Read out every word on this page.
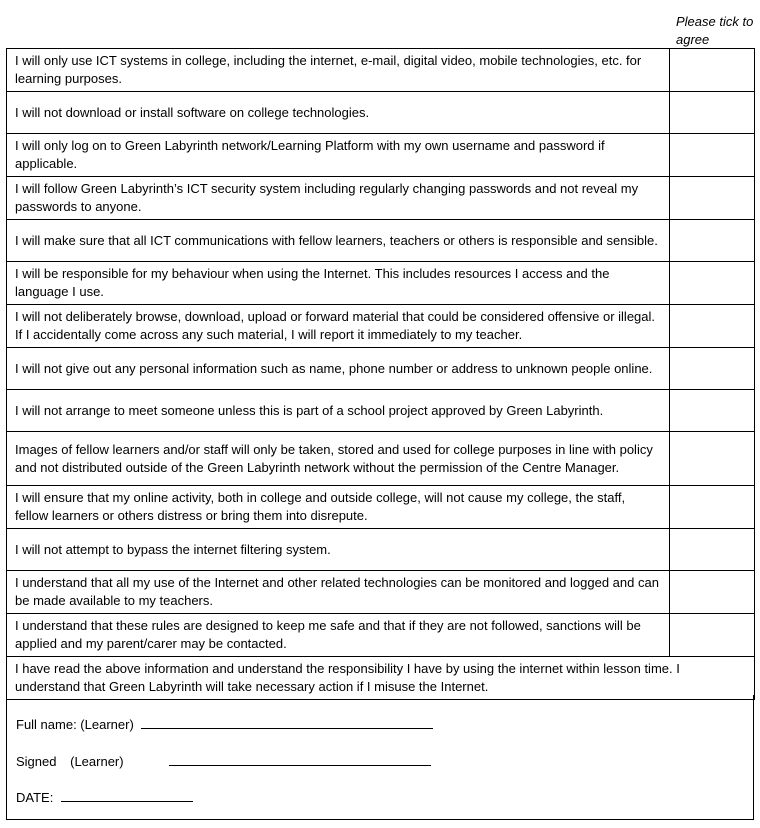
Please tick to agree
I will only use ICT systems in college, including the internet, e-mail, digital video, mobile technologies, etc. for learning purposes.	
I will not download or install software on college technologies.	
I will only log on to Green Labyrinth network/Learning Platform with my own username and password if applicable.	
I will follow Green Labyrinth’s ICT security system including regularly changing passwords and not reveal my passwords to anyone.	
I will make sure that all ICT communications with fellow learners, teachers or others is responsible and sensible.	
I will be responsible for my behaviour when using the Internet. This includes resources I access and the language I use.	
I will not deliberately browse, download, upload or forward material that could be considered offensive or illegal. If I accidentally come across any such material, I will report it immediately to my teacher.	
I will not give out any personal information such as name, phone number or address to unknown people online.	
I will not arrange to meet someone unless this is part of a school project approved by Green Labyrinth.	
Images of fellow learners and/or staff will only be taken, stored and used for college purposes in line with policy and not distributed outside of the Green Labyrinth network without the permission of the Centre Manager.	
I will ensure that my online activity, both in college and outside college, will not cause my college, the staff, fellow learners or others distress or bring them into disrepute.	
I will not attempt to bypass the internet filtering system.	
I understand that all my use of the Internet and other related technologies can be monitored and logged and can be made available to my teachers.	
I understand that these rules are designed to keep me safe and that if they are not followed, sanctions will be applied and my parent/carer may be contacted.	
I have read the above information and understand the responsibility I have by using the internet within lesson time. I understand that Green Labyrinth will take necessary action if I misuse the Internet.	
Full name: (Learner)
Signed (Learner)
DATE:
